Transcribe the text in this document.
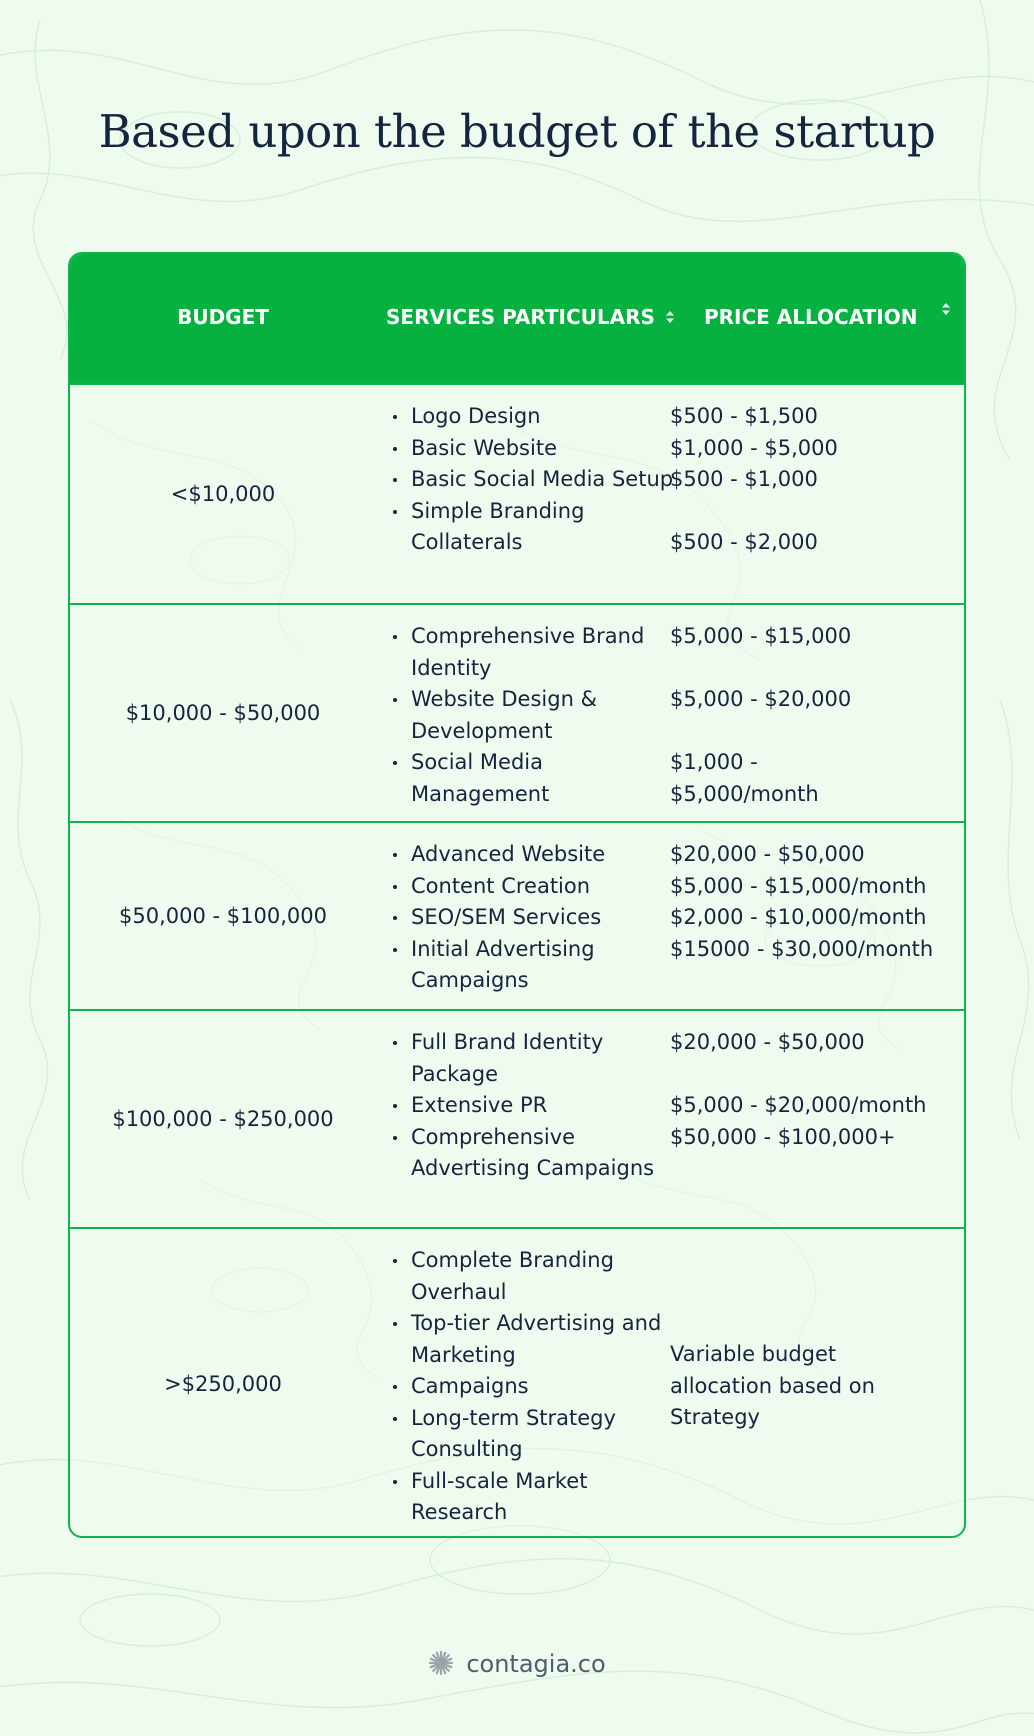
Based upon the budget of the startup
BUDGET	SERVICES PARTICULARS	PRICE ALLOCATION
<$10,000
Logo Design
Basic Website
Basic Social Media Setup
Simple Branding Collaterals
$500 - $1,500
$1,000 - $5,000
$500 - $1,000
$500 - $2,000
$10,000 - $50,000
Comprehensive Brand Identity
Website Design & Development
Social Media Management
$5,000 - $15,000
$5,000 - $20,000
$1,000 - $5,000/month
$50,000 - $100,000
Advanced Website
Content Creation
SEO/SEM Services
Initial Advertising Campaigns
$20,000 - $50,000
$5,000 - $15,000/month
$2,000 - $10,000/month
$15000 - $30,000/month
$100,000 - $250,000
Full Brand Identity Package
Extensive PR
Comprehensive Advertising Campaigns
$20,000 - $50,000
$5,000 - $20,000/month
$50,000 - $100,000+
>$250,000
Complete Branding Overhaul
Top-tier Advertising and Marketing
Campaigns
Long-term Strategy Consulting
Full-scale Market Research
Variable budget allocation based on Strategy
contagia.co
